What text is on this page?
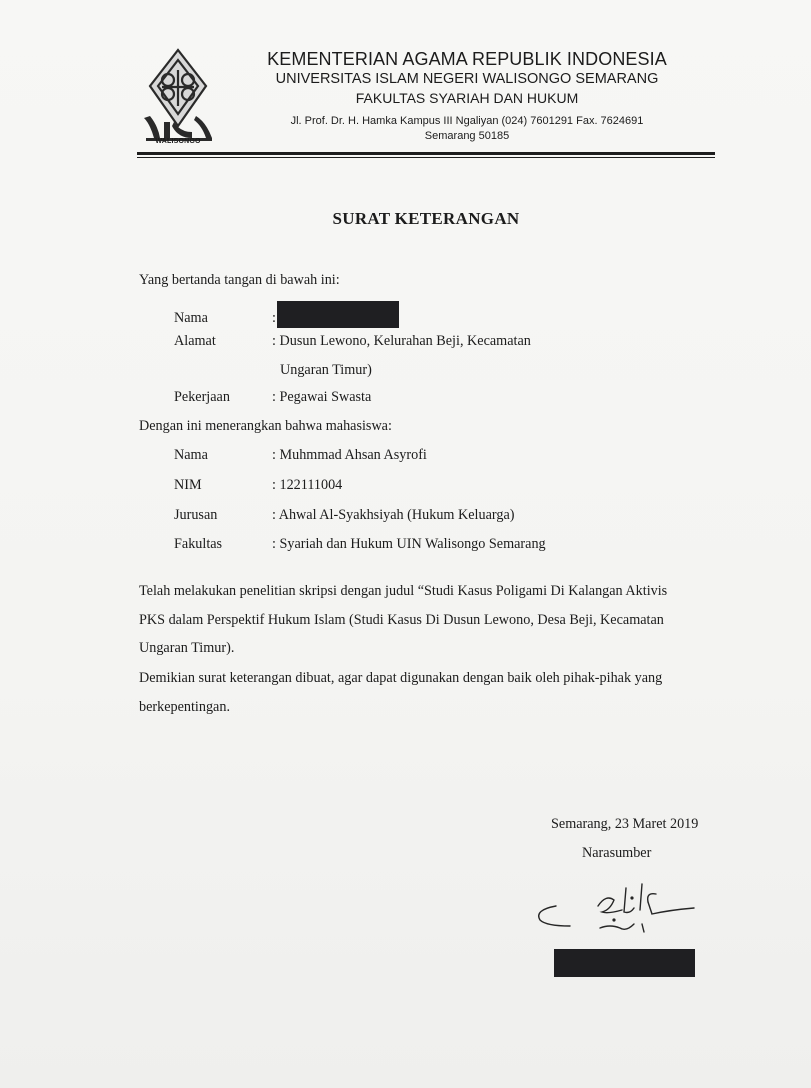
WALISONGO
KEMENTERIAN AGAMA REPUBLIK INDONESIA
UNIVERSITAS ISLAM NEGERI WALISONGO SEMARANG
FAKULTAS SYARIAH DAN HUKUM
Jl. Prof. Dr. H. Hamka Kampus III Ngaliyan (024) 7601291 Fax. 7624691
Semarang 50185
SURAT KETERANGAN
Yang bertanda tangan di bawah ini:
Nama	:
Alamat	: Dusun Lewono, Kelurahan Beji, Kecamatan
Ungaran Timur)
Pekerjaan	: Pegawai Swasta
Dengan ini menerangkan bahwa mahasiswa:
Nama	: Muhmmad Ahsan Asyrofi
NIM	: 122111004
Jurusan	: Ahwal Al-Syakhsiyah (Hukum Keluarga)
Fakultas	: Syariah dan Hukum UIN Walisongo Semarang
Telah melakukan penelitian skripsi dengan judul “Studi Kasus Poligami Di Kalangan Aktivis
PKS dalam Perspektif Hukum Islam (Studi Kasus Di Dusun Lewono, Desa Beji, Kecamatan
Ungaran Timur).
Demikian surat keterangan dibuat, agar dapat digunakan dengan baik oleh pihak-pihak yang
berkepentingan.
Semarang, 23 Maret 2019
Narasumber
